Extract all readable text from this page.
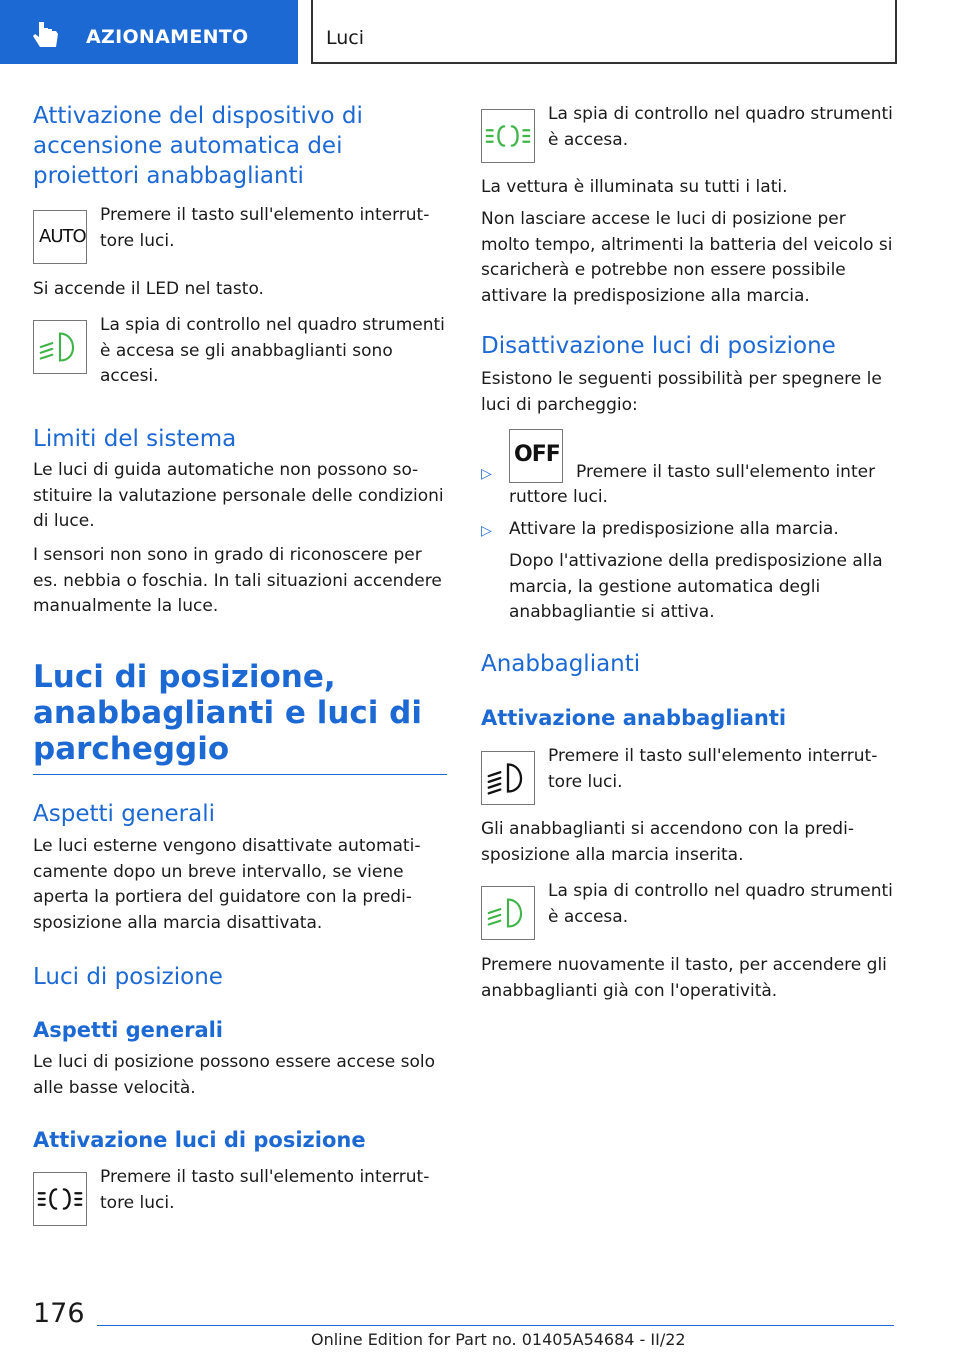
AZIONAMENTO	Luci
Attivazione del dispositivo di accensione automatica dei proiettori anabbaglianti
AUTO

Premere il tasto sull'elemento interruttore luci.

Si accende il LED nel tasto.

La spia di controllo nel quadro strumenti è accesa se gli anabbaglianti sono accesi.

Limiti del sistema

Le luci di guida automatiche non possono sostituire la valutazione personale delle condizioni di luce.

I sensori non sono in grado di riconoscere per es. nebbia o foschia. In tali situazioni accendere manualmente la luce.

Luci di posizione, anabbaglianti e luci di parcheggio
Aspetti generali

Le luci esterne vengono disattivate automaticamente dopo un breve intervallo, se viene aperta la portiera del guidatore con la predisposizione alla marcia disattivata.

Luci di posizione
Aspetti generali

Le luci di posizione possono essere accese solo alle basse velocità.

Attivazione luci di posizione

Premere il tasto sull'elemento interruttore luci.

La spia di controllo nel quadro strumenti è accesa.

La vettura è illuminata su tutti i lati.

Non lasciare accese le luci di posizione per molto tempo, altrimenti la batteria del veicolo si scaricherà e potrebbe non essere possibile attivare la predisposizione alla marcia.

Disattivazione luci di posizione

Esistono le seguenti possibilità per spegnere le luci di parcheggio:

▷
OFF

Premere il tasto sull'elemento inter

ruttore luci.

▷ Attivare la predisposizione alla marcia.

Dopo l'attivazione della predisposizione alla marcia, la gestione automatica degli anabbagliantie si attiva.

Anabbaglianti
Attivazione anabbaglianti

Premere il tasto sull'elemento interruttore luci.

Gli anabbaglianti si accendono con la predisposizione alla marcia inserita.

La spia di controllo nel quadro strumenti è accesa.

Premere nuovamente il tasto, per accendere gli anabbaglianti già con l'operatività.

176
Online Edition for Part no. 01405A54684 - II/22
